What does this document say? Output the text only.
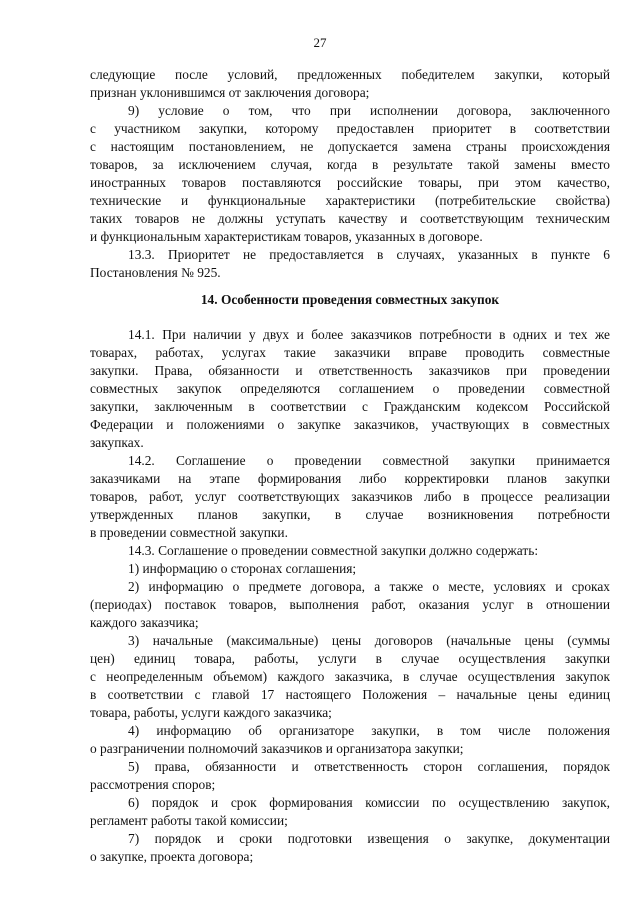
27
следующие после условий, предложенных победителем закупки, который
признан уклонившимся от заключения договора;
9) условие о том, что при исполнении договора, заключенного
с участником закупки, которому предоставлен приоритет в соответствии
с настоящим постановлением, не допускается замена страны происхождения
товаров, за исключением случая, когда в результате такой замены вместо
иностранных товаров поставляются российские товары, при этом качество,
технические и функциональные характеристики (потребительские свойства)
таких товаров не должны уступать качеству и соответствующим техническим
и функциональным характеристикам товаров, указанных в договоре.
13.3. Приоритет не предоставляется в случаях, указанных в пункте 6
Постановления № 925.
14.1. При наличии у двух и более заказчиков потребности в одних и тех же
товарах, работах, услугах такие заказчики вправе проводить совместные
закупки. Права, обязанности и ответственность заказчиков при проведении
совместных закупок определяются соглашением о проведении совместной
закупки, заключенным в соответствии с Гражданским кодексом Российской
Федерации и положениями о закупке заказчиков, участвующих в совместных
закупках.
14.2. Соглашение о проведении совместной закупки принимается
заказчиками на этапе формирования либо корректировки планов закупки
товаров, работ, услуг соответствующих заказчиков либо в процессе реализации
утвержденных планов закупки, в случае возникновения потребности
в проведении совместной закупки.
14.3. Соглашение о проведении совместной закупки должно содержать:
1) информацию о сторонах соглашения;
2) информацию о предмете договора, а также о месте, условиях и сроках
(периодах) поставок товаров, выполнения работ, оказания услуг в отношении
каждого заказчика;
3) начальные (максимальные) цены договоров (начальные цены (суммы
цен) единиц товара, работы, услуги в случае осуществления закупки
с неопределенным объемом) каждого заказчика, в случае осуществления закупок
в соответствии с главой 17 настоящего Положения – начальные цены единиц
товара, работы, услуги каждого заказчика;
4) информацию об организаторе закупки, в том числе положения
о разграничении полномочий заказчиков и организатора закупки;
5) права, обязанности и ответственность сторон соглашения, порядок
рассмотрения споров;
6) порядок и срок формирования комиссии по осуществлению закупок,
регламент работы такой комиссии;
7) порядок и сроки подготовки извещения о закупке, документации
о закупке, проекта договора;
14. Особенности проведения совместных закупок
